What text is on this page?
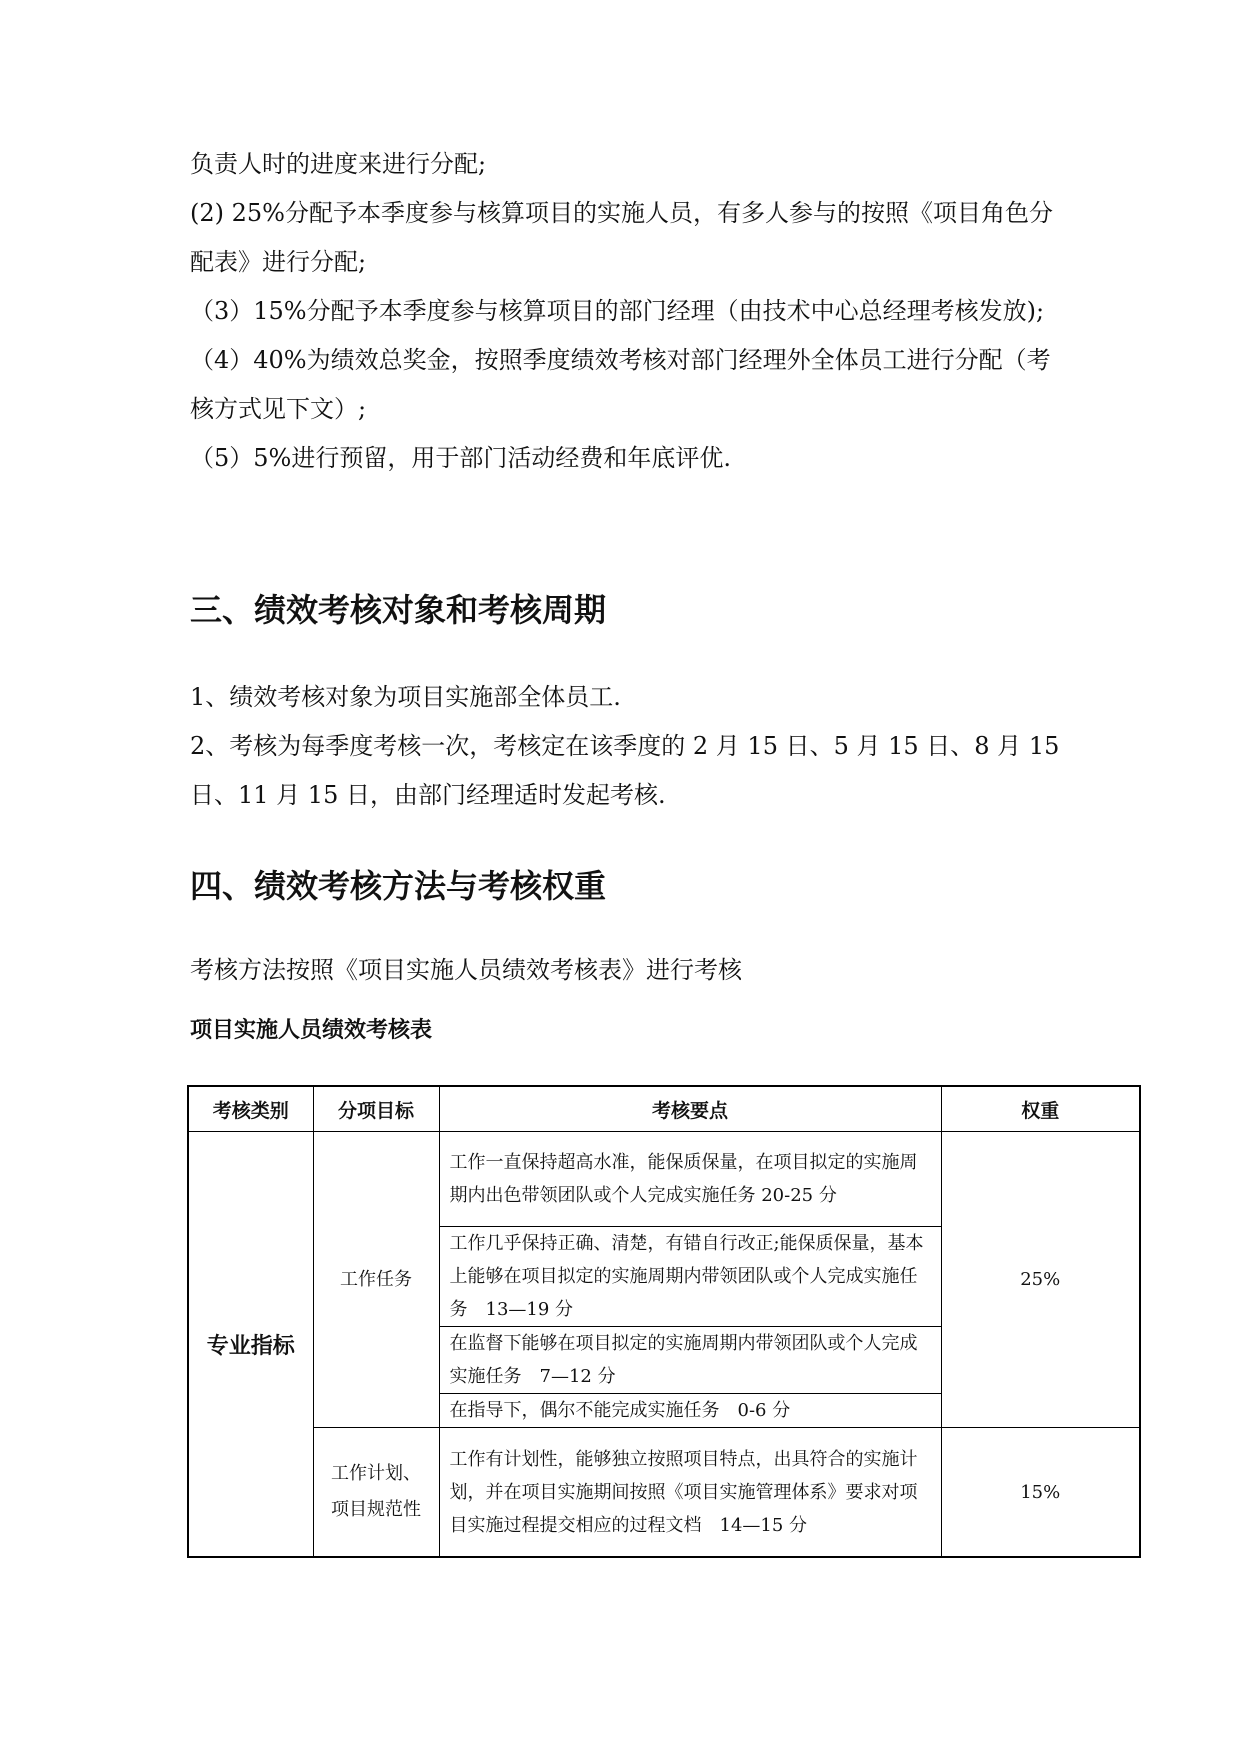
负责人时的进度来进行分配;

(2) 25%分配予本季度参与核算项目的实施人员，有多人参与的按照《项目角色分配表》进行分配;

（3）15%分配予本季度参与核算项目的部门经理（由技术中心总经理考核发放);

（4）40%为绩效总奖金，按照季度绩效考核对部门经理外全体员工进行分配（考核方式见下文）;

（5）5%进行预留，用于部门活动经费和年底评优.

三、绩效考核对象和考核周期

1、绩效考核对象为项目实施部全体员工.

2、考核为每季度考核一次，考核定在该季度的 2 月 15 日、5 月 15 日、8 月 15 日、11 月 15 日，由部门经理适时发起考核.

四、绩效考核方法与考核权重

考核方法按照《项目实施人员绩效考核表》进行考核

项目实施人员绩效考核表
考核类别	分项目标	考核要点	权重
专业指标	工作任务	工作一直保持超高水准，能保质保量，在项目拟定的实施周期内出色带领团队或个人完成实施任务 20-25 分	25%
		工作几乎保持正确、清楚，有错自行改正;能保质保量，基本上能够在项目拟定的实施周期内带领团队或个人完成实施任务　13—19 分	
		在监督下能够在项目拟定的实施周期内带领团队或个人完成实施任务　7—12 分	
		在指导下，偶尔不能完成实施任务　0-6 分	
	工作计划、项目规范性	工作有计划性，能够独立按照项目特点，出具符合的实施计划，并在项目实施期间按照《项目实施管理体系》要求对项目实施过程提交相应的过程文档　14—15 分	15%
